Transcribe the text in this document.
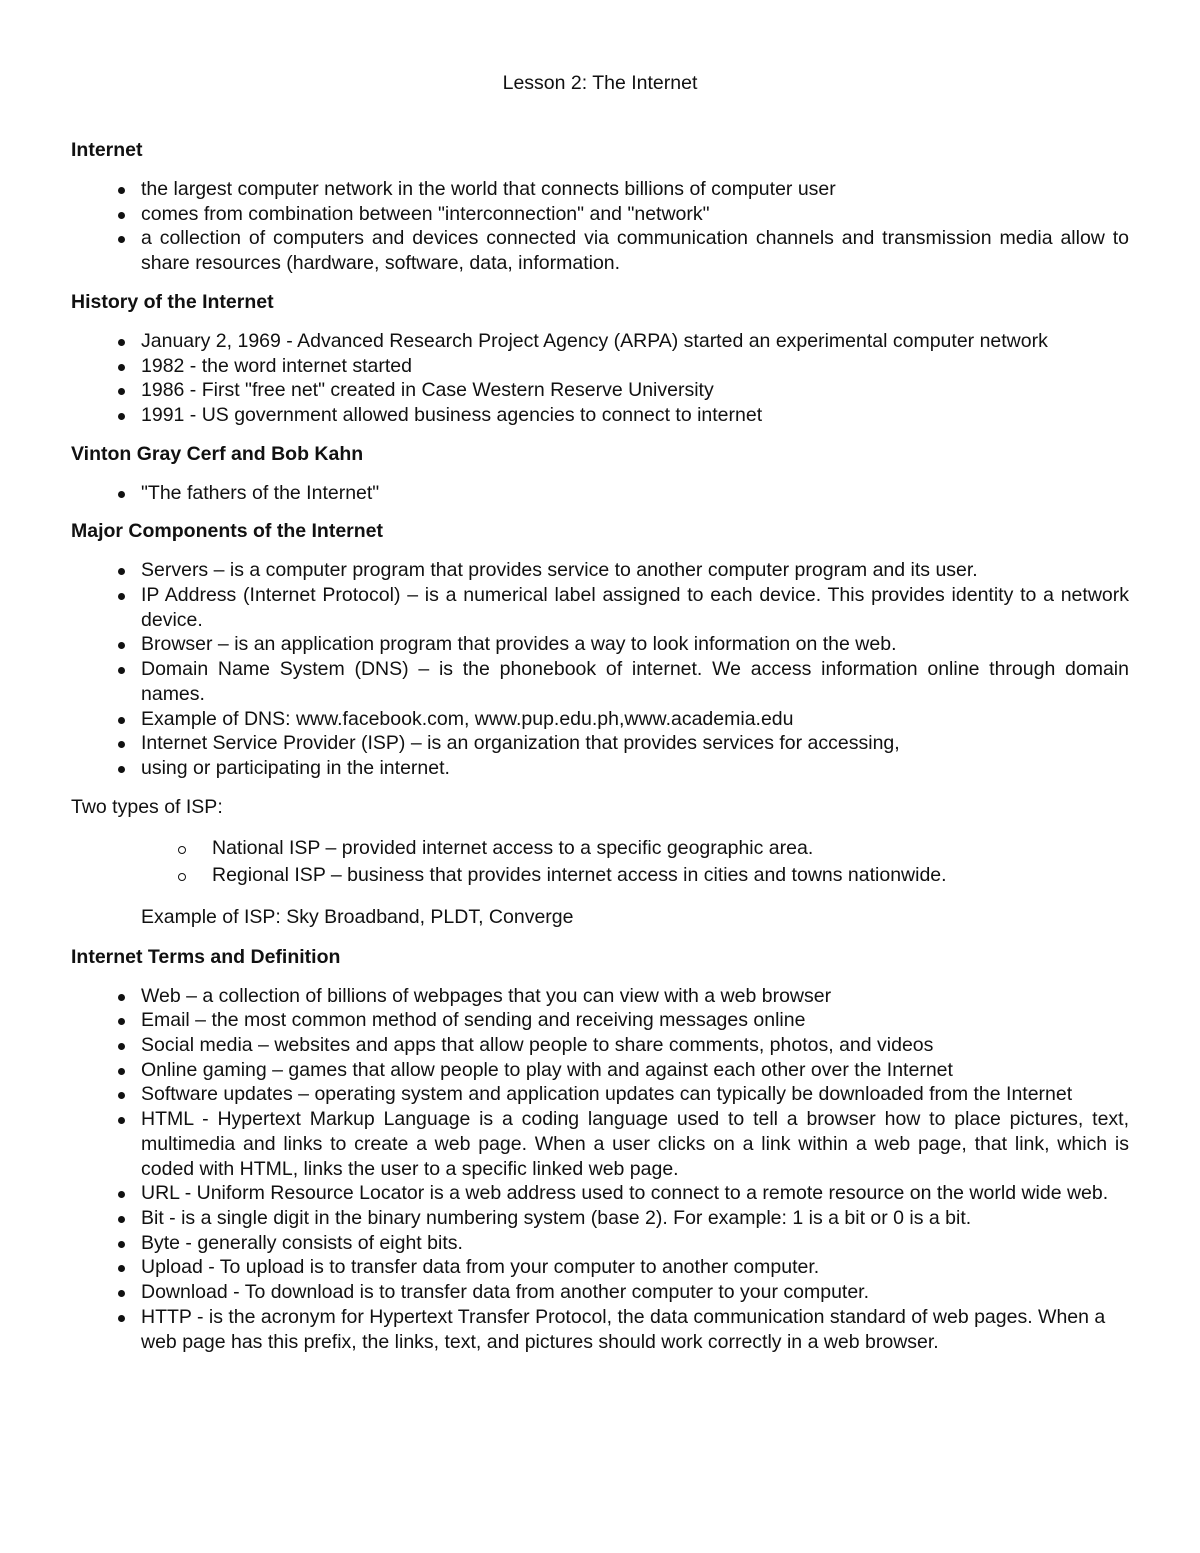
Lesson 2: The Internet
Internet
the largest computer network in the world that connects billions of computer user
comes from combination between "interconnection" and "network"
a collection of computers and devices connected via communication channels and transmission media allow to share resources (hardware, software, data, information.
History of the Internet
January 2, 1969 - Advanced Research Project Agency (ARPA) started an experimental computer network
1982 - the word internet started
1986 - First "free net" created in Case Western Reserve University
1991 - US government allowed business agencies to connect to internet
Vinton Gray Cerf and Bob Kahn
"The fathers of the Internet"
Major Components of the Internet
Servers – is a computer program that provides service to another computer program and its user.
IP Address (Internet Protocol) – is a numerical label assigned to each device. This provides identity to a network device.
Browser – is an application program that provides a way to look information on the web.
Domain Name System (DNS) – is the phonebook of internet. We access information online through domain names.
Example of DNS: www.facebook.com, www.pup.edu.ph,www.academia.edu
Internet Service Provider (ISP) – is an organization that provides services for accessing,
using or participating in the internet.
Two types of ISP:
National ISP – provided internet access to a specific geographic area.
Regional ISP – business that provides internet access in cities and towns nationwide.
Example of ISP: Sky Broadband, PLDT, Converge
Internet Terms and Definition
Web – a collection of billions of webpages that you can view with a web browser
Email – the most common method of sending and receiving messages online
Social media – websites and apps that allow people to share comments, photos, and videos
Online gaming – games that allow people to play with and against each other over the Internet
Software updates – operating system and application updates can typically be downloaded from the Internet
HTML - Hypertext Markup Language is a coding language used to tell a browser how to place pictures, text, multimedia and links to create a web page. When a user clicks on a link within a web page, that link, which is coded with HTML, links the user to a specific linked web page.
URL - Uniform Resource Locator is a web address used to connect to a remote resource on the world wide web.
Bit - is a single digit in the binary numbering system (base 2). For example: 1 is a bit or 0 is a bit.
Byte - generally consists of eight bits.
Upload - To upload is to transfer data from your computer to another computer.
Download - To download is to transfer data from another computer to your computer.
HTTP - is the acronym for Hypertext Transfer Protocol, the data communication standard of web pages. When a web page has this prefix, the links, text, and pictures should work correctly in a web browser.
